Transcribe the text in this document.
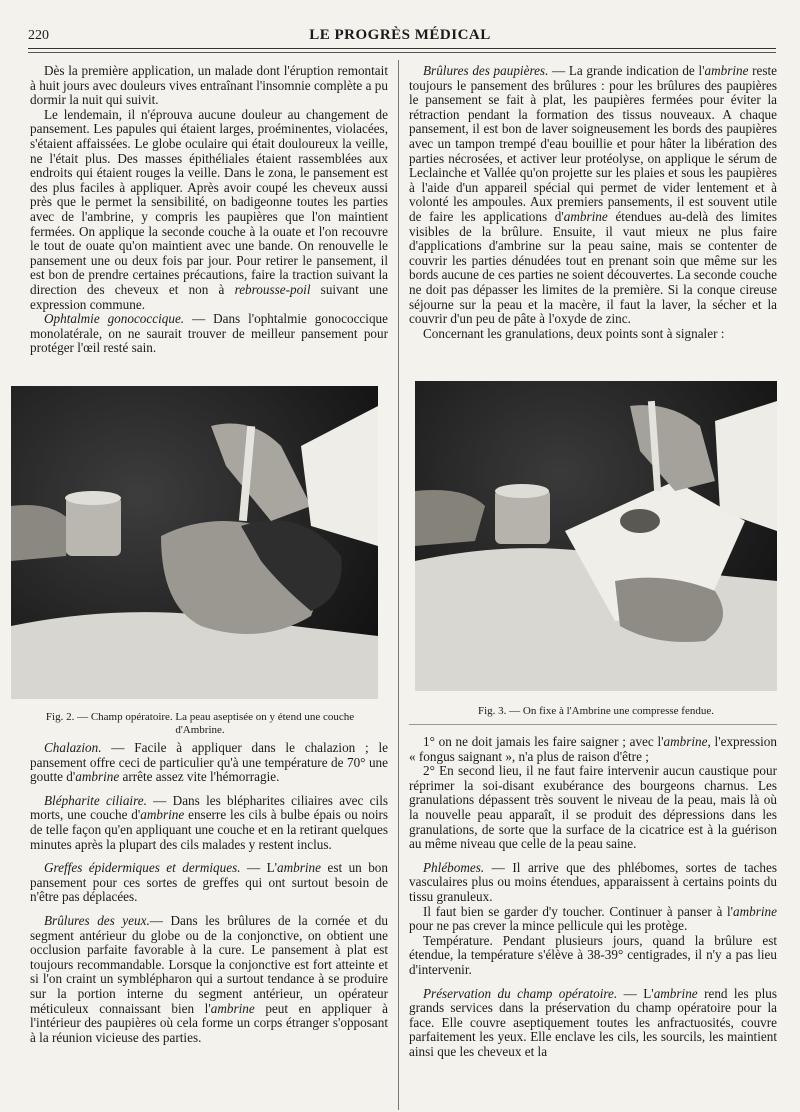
220	LE PROGRÈS MÉDICAL

Dès la première application, un malade dont l'éruption remontait à huit jours avec douleurs vives entraînant l'insomnie complète a pu dormir la nuit qui suivit.

Le lendemain, il n'éprouva aucune douleur au changement de pansement. Les papules qui étaient larges, proéminentes, violacées, s'étaient affaissées. Le globe oculaire qui était douloureux la veille, ne l'était plus. Des masses épithéliales étaient rassemblées aux endroits qui étaient rouges la veille. Dans le zona, le pansement est des plus faciles à appliquer. Après avoir coupé les cheveux aussi près que le permet la sensibilité, on badigeonne toutes les parties avec de l'ambrine, y compris les paupières que l'on maintient fermées. On applique la seconde couche à la ouate et l'on recouvre le tout de ouate qu'on maintient avec une bande. On renouvelle le pansement une ou deux fois par jour. Pour retirer le pansement, il est bon de prendre certaines précautions, faire la traction suivant la direction des cheveux et non à rebrousse-poil suivant une expression commune.

Ophtalmie gonococcique. — Dans l'ophtalmie gonococcique monolatérale, on ne saurait trouver de meilleur pansement pour protéger l'œil resté sain.

Brûlures des paupières. — La grande indication de l'ambrine reste toujours le pansement des brûlures : pour les brûlures des paupières le pansement se fait à plat, les paupières fermées pour éviter la rétraction pendant la formation des tissus nouveaux. A chaque pansement, il est bon de laver soigneusement les bords des paupières avec un tampon trempé d'eau bouillie et pour hâter la libération des parties nécrosées, et activer leur protéolyse, on applique le sérum de Leclainche et Vallée qu'on projette sur les plaies et sous les paupières à l'aide d'un appareil spécial qui permet de vider lentement et à volonté les ampoules. Aux premiers pansements, il est souvent utile de faire les applications d'ambrine étendues au-delà des limites visibles de la brûlure. Ensuite, il vaut mieux ne plus faire d'applications d'ambrine sur la peau saine, mais se contenter de couvrir les parties dénudées tout en prenant soin que même sur les bords aucune de ces parties ne soient découvertes. La seconde couche ne doit pas dépasser les limites de la première. Si la conque cireuse séjourne sur la peau et la macère, il faut la laver, la sécher et la couvrir d'un peu de pâte à l'oxyde de zinc.

Concernant les granulations, deux points sont à signaler :

Fig. 2. — Champ opératoire. La peau aseptisée on y étend une couche d'Ambrine.
Fig. 3. — On fixe à l'Ambrine une compresse fendue.

Chalazion. — Facile à appliquer dans le chalazion ; le pansement offre ceci de particulier qu'à une température de 70° une goutte d'ambrine arrête assez vite l'hémorragie.

Blépharite ciliaire. — Dans les blépharites ciliaires avec cils morts, une couche d'ambrine enserre les cils à bulbe épais ou noirs de telle façon qu'en appliquant une couche et en la retirant quelques minutes après la plupart des cils malades y restent inclus.

Greffes épidermiques et dermiques. — L'ambrine est un bon pansement pour ces sortes de greffes qui ont surtout besoin de n'être pas déplacées.

Brûlures des yeux.— Dans les brûlures de la cornée et du segment antérieur du globe ou de la conjonctive, on obtient une occlusion parfaite favorable à la cure. Le pansement à plat est toujours recommandable. Lorsque la conjonctive est fort atteinte et si l'on craint un symblépharon qui a surtout tendance à se produire sur la portion interne du segment antérieur, un opérateur méticuleux connaissant bien l'ambrine peut en appliquer à l'intérieur des paupières où cela forme un corps étranger s'opposant à la réunion vicieuse des parties.

1° on ne doit jamais les faire saigner ; avec l'ambrine, l'expression « fongus saignant », n'a plus de raison d'être ;

2° En second lieu, il ne faut faire intervenir aucun caustique pour réprimer la soi-disant exubérance des bourgeons charnus. Les granulations dépassent très souvent le niveau de la peau, mais là où la nouvelle peau apparaît, il se produit des dépressions dans les granulations, de sorte que la surface de la cicatrice est à la guérison au même niveau que celle de la peau saine.

Phlébomes. — Il arrive que des phlébomes, sortes de taches vasculaires plus ou moins étendues, apparaissent à certains points du tissu granuleux.

Il faut bien se garder d'y toucher. Continuer à panser à l'ambrine pour ne pas crever la mince pellicule qui les protège.

Température. Pendant plusieurs jours, quand la brûlure est étendue, la température s'élève à 38-39° centigrades, il n'y a pas lieu d'intervenir.

Préservation du champ opératoire. — L'ambrine rend les plus grands services dans la préservation du champ opératoire pour la face. Elle couvre aseptiquement toutes les anfractuosités, couvre parfaitement les yeux. Elle enclave les cils, les sourcils, les maintient ainsi que les cheveux et la
